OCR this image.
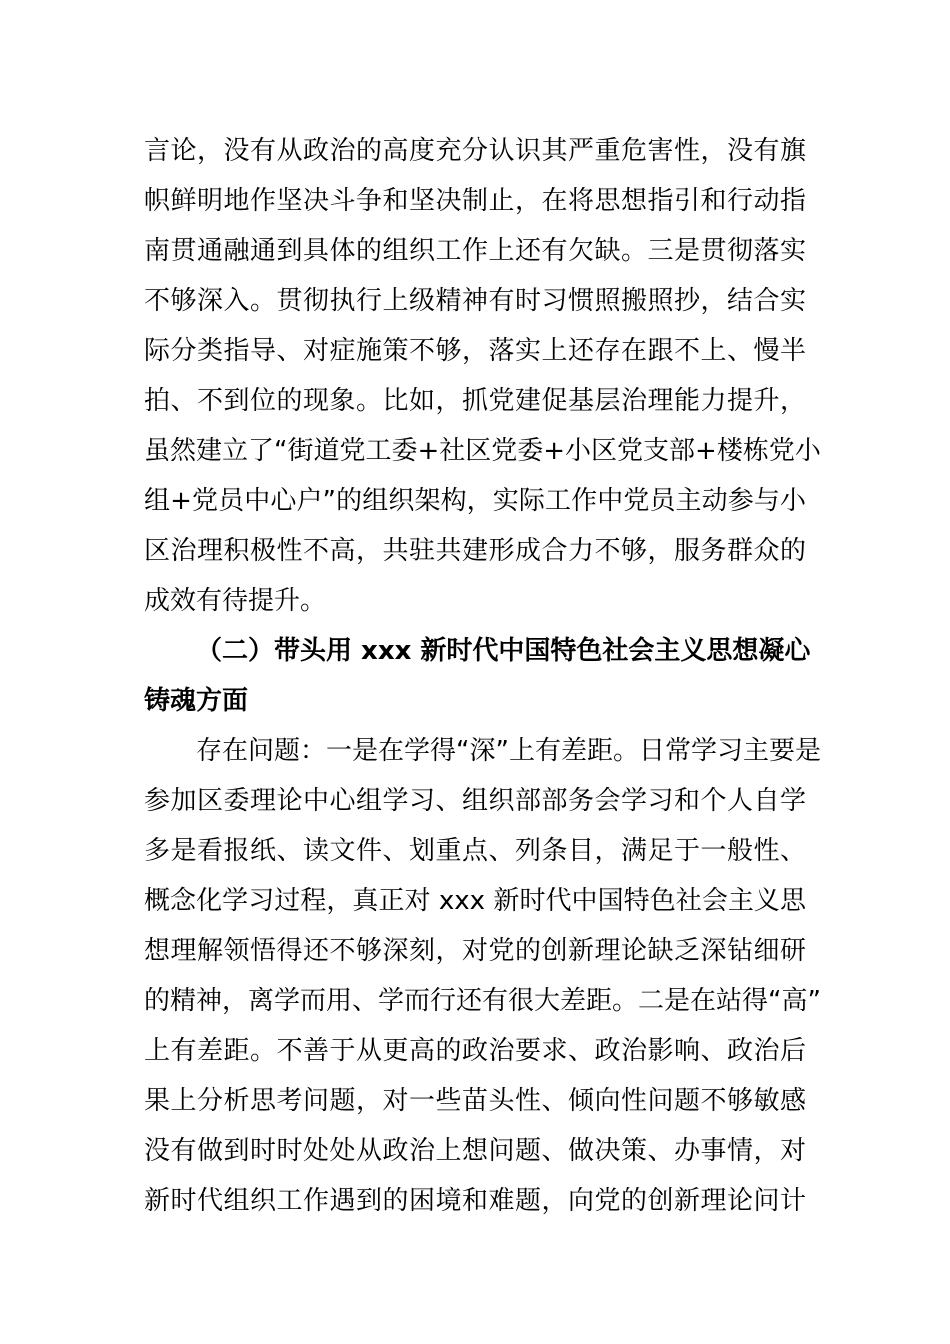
言论，没有从政治的高度充分认识其严重危害性，没有旗
帜鲜明地作坚决斗争和坚决制止，在将思想指引和行动指
南贯通融通到具体的组织工作上还有欠缺。三是贯彻落实
不够深入。贯彻执行上级精神有时习惯照搬照抄，结合实
际分类指导、对症施策不够，落实上还存在跟不上、慢半
拍、不到位的现象。比如，抓党建促基层治理能力提升，
虽然建立了“街道党工委+社区党委+小区党支部+楼栋党小
组+党员中心户”的组织架构，实际工作中党员主动参与小
区治理积极性不高，共驻共建形成合力不够，服务群众的
成效有待提升。
（二）带头用 xxx 新时代中国特色社会主义思想凝心
铸魂方面
存在问题：一是在学得“深”上有差距。日常学习主要是
参加区委理论中心组学习、组织部部务会学习和个人自学
多是看报纸、读文件、划重点、列条目，满足于一般性、
概念化学习过程，真正对 xxx 新时代中国特色社会主义思
想理解领悟得还不够深刻，对党的创新理论缺乏深钻细研
的精神，离学而用、学而行还有很大差距。二是在站得“高”
上有差距。不善于从更高的政治要求、政治影响、政治后
果上分析思考问题，对一些苗头性、倾向性问题不够敏感
没有做到时时处处从政治上想问题、做决策、办事情，对
新时代组织工作遇到的困境和难题，向党的创新理论问计
